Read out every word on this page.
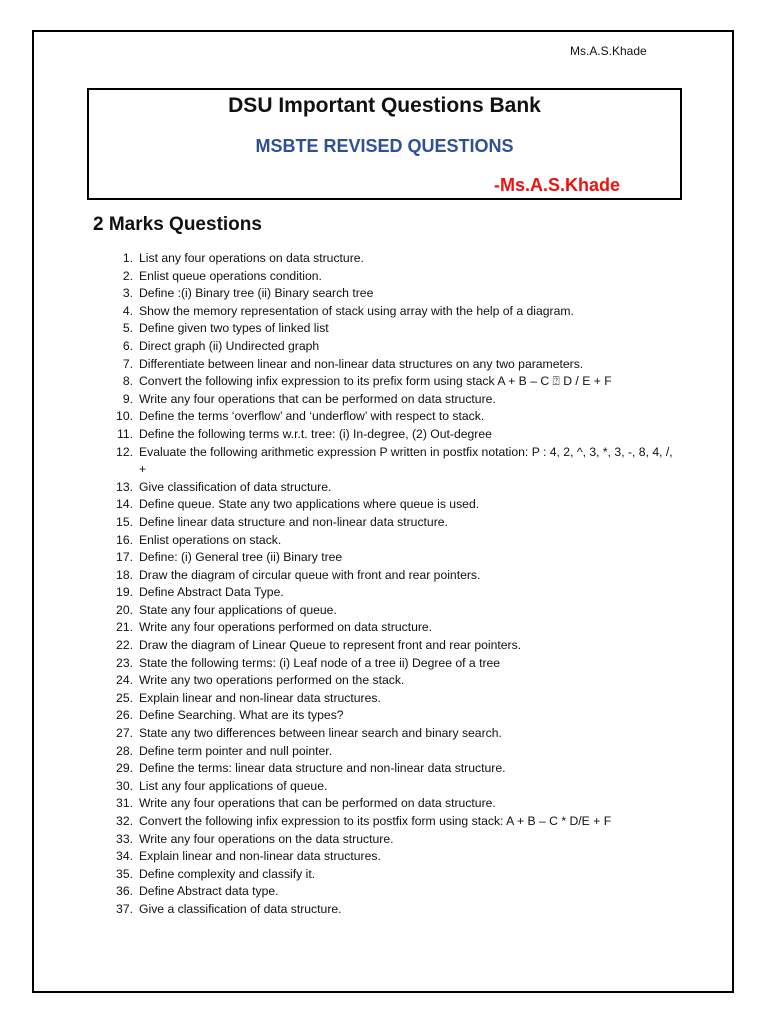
Ms.A.S.Khade
DSU Important Questions Bank
MSBTE REVISED QUESTIONS
-Ms.A.S.Khade
2 Marks Questions
1. List any four operations on data structure.
2. Enlist queue operations condition.
3. Define :(i) Binary tree (ii) Binary search tree
4. Show the memory representation of stack using array with the help of a diagram.
5. Define given two types of linked list
6. Direct graph (ii) Undirected graph
7. Differentiate between linear and non-linear data structures on any two parameters.
8. Convert the following infix expression to its prefix form using stack A + B – C ⍰ D / E + F
9. Write any four operations that can be performed on data structure.
10. Define the terms ‘overflow’ and ‘underflow’ with respect to stack.
11. Define the following terms w.r.t. tree: (i) In-degree, (2) Out-degree
12. Evaluate the following arithmetic expression P written in postfix notation: P : 4, 2, ^, 3, *, 3, -, 8, 4, /, +
13. Give classification of data structure.
14. Define queue. State any two applications where queue is used.
15. Define linear data structure and non-linear data structure.
16. Enlist operations on stack.
17. Define: (i) General tree (ii) Binary tree
18. Draw the diagram of circular queue with front and rear pointers.
19. Define Abstract Data Type.
20. State any four applications of queue.
21. Write any four operations performed on data structure.
22. Draw the diagram of Linear Queue to represent front and rear pointers.
23. State the following terms: (i) Leaf node of a tree ii) Degree of a tree
24. Write any two operations performed on the stack.
25. Explain linear and non-linear data structures.
26. Define Searching. What are its types?
27. State any two differences between linear search and binary search.
28. Define term pointer and null pointer.
29. Define the terms: linear data structure and non-linear data structure.
30. List any four applications of queue.
31. Write any four operations that can be performed on data structure.
32. Convert the following infix expression to its postfix form using stack: A + B – C * D/E + F
33. Write any four operations on the data structure.
34. Explain linear and non-linear data structures.
35. Define complexity and classify it.
36. Define Abstract data type.
37. Give a classification of data structure.
